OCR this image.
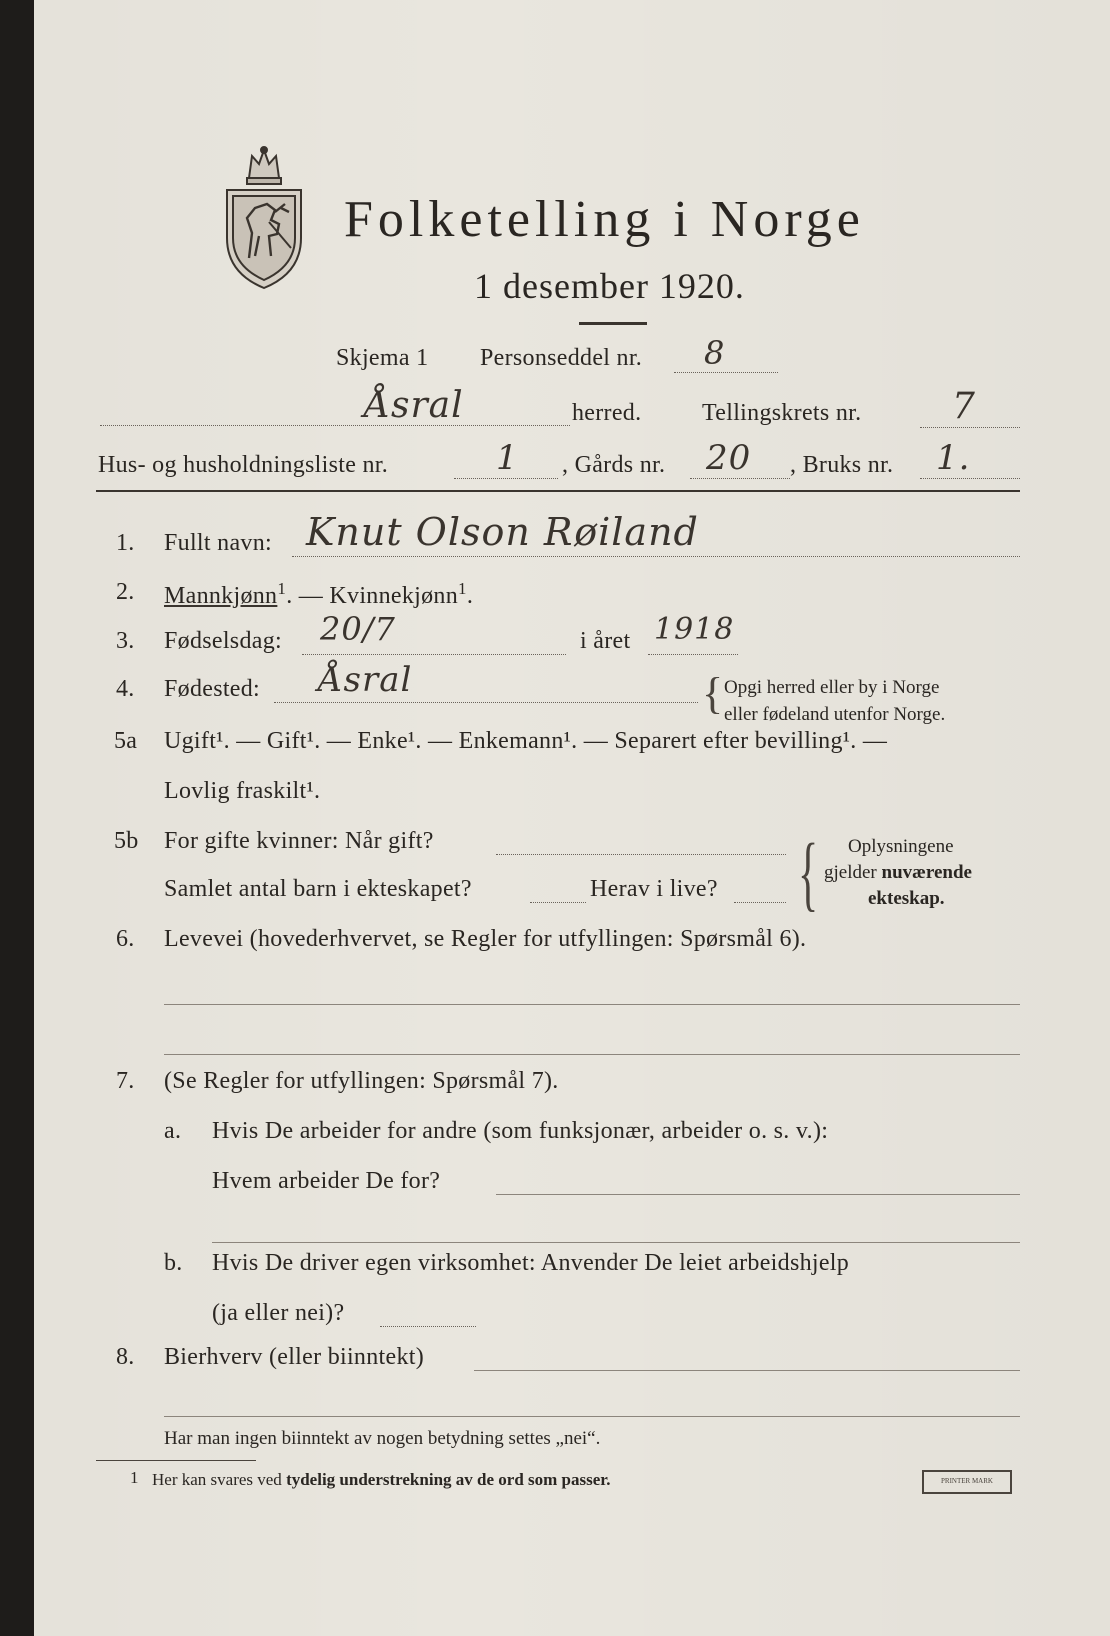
Folketelling i Norge
1 desember 1920.
Skjema 1 Personseddel nr. 8
Åsral	herred.	Tellingskrets nr.	7
Hus- og husholdningsliste nr.	1 , Gårds nr. 20 , Bruks nr. 1.
1. Fullt navn: Knut Olson Røiland
2. Mannkjønn$^1$. — Kvinnekjønn$^1$.
3. Fødselsdag: 20/7	i året 1918
4. Fødested: Åsral	{ Opgi herred eller by i Norge
eller fødeland utenfor Norge.
5a Ugift¹. — Gift¹. — Enke¹. — Enkemann¹. — Separert efter bevilling¹. —
Lovlig fraskilt¹.
5b For gifte kvinner: Når gift?
Samlet antal barn i ekteskapet?	Herav i live? { Oplysningene
gjelder nuværende
ekteskap.
6. Levevei (hovederhvervet, se Regler for utfyllingen: Spørsmål 6).
7. (Se Regler for utfyllingen: Spørsmål 7).
a. Hvis De arbeider for andre (som funksjonær, arbeider o. s. v.):
Hvem arbeider De for?
b. Hvis De driver egen virksomhet: Anvender De leiet arbeidshjelp
(ja eller nei)?
8. Bierhverv (eller biinntekt)
Har man ingen biinntekt av nogen betydning settes „nei“.
1 Her kan svares ved tydelig understrekning av de ord som passer.	PRINTER MARK
